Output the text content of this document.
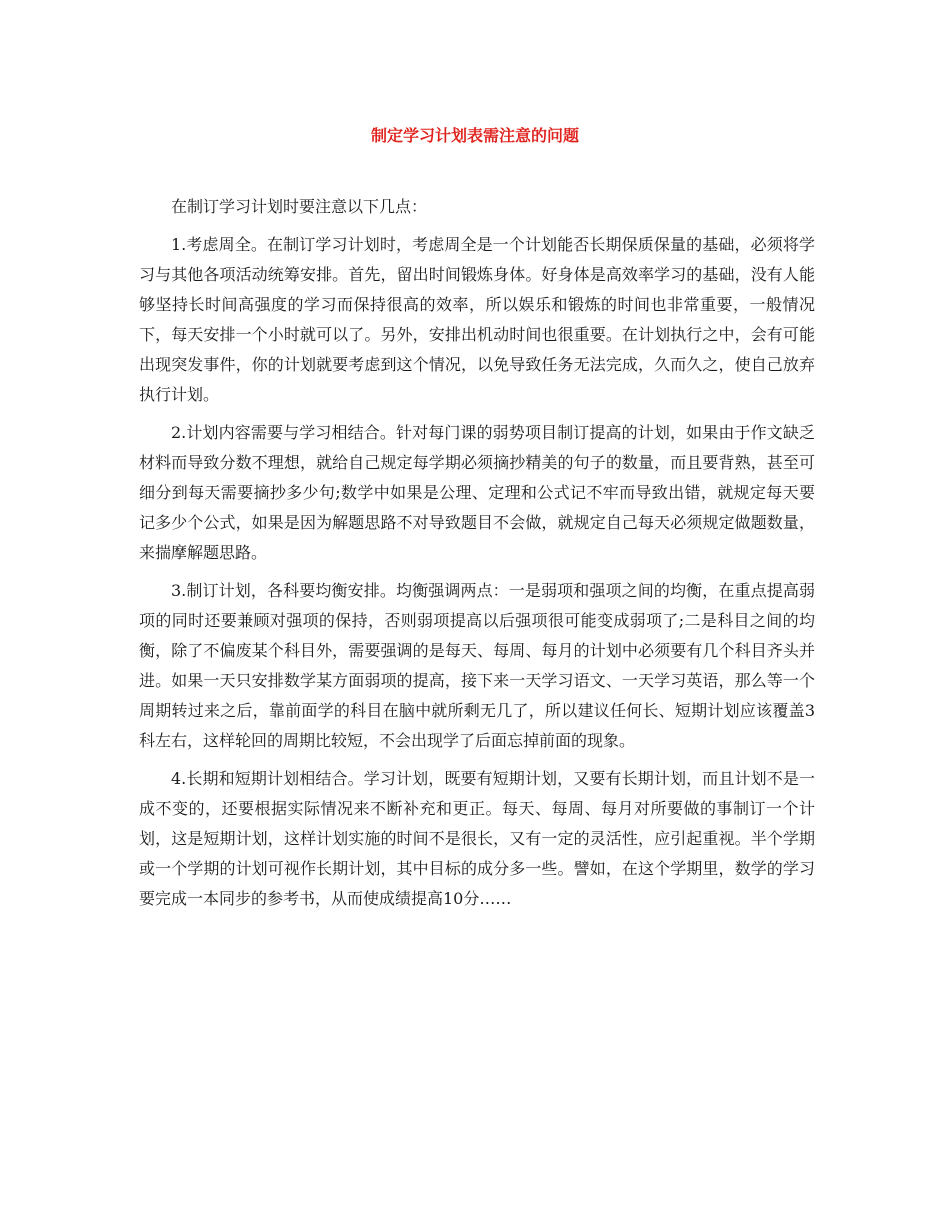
制定学习计划表需注意的问题

在制订学习计划时要注意以下几点：

1.考虑周全。在制订学习计划时，考虑周全是一个计划能否长期保质保量的基础，必须将学习与其他各项活动统筹安排。首先，留出时间锻炼身体。好身体是高效率学习的基础，没有人能够坚持长时间高强度的学习而保持很高的效率，所以娱乐和锻炼的时间也非常重要，一般情况下，每天安排一个小时就可以了。另外，安排出机动时间也很重要。在计划执行之中，会有可能出现突发事件，你的计划就要考虑到这个情况，以免导致任务无法完成，久而久之，使自己放弃执行计划。

2.计划内容需要与学习相结合。针对每门课的弱势项目制订提高的计划，如果由于作文缺乏材料而导致分数不理想，就给自己规定每学期必须摘抄精美的句子的数量，而且要背熟，甚至可细分到每天需要摘抄多少句;数学中如果是公理、定理和公式记不牢而导致出错，就规定每天要记多少个公式，如果是因为解题思路不对导致题目不会做，就规定自己每天必须规定做题数量，来揣摩解题思路。

3.制订计划，各科要均衡安排。均衡强调两点：一是弱项和强项之间的均衡，在重点提高弱项的同时还要兼顾对强项的保持，否则弱项提高以后强项很可能变成弱项了;二是科目之间的均衡，除了不偏废某个科目外，需要强调的是每天、每周、每月的计划中必须要有几个科目齐头并进。如果一天只安排数学某方面弱项的提高，接下来一天学习语文、一天学习英语，那么等一个周期转过来之后，靠前面学的科目在脑中就所剩无几了，所以建议任何长、短期计划应该覆盖3科左右，这样轮回的周期比较短，不会出现学了后面忘掉前面的现象。

4.长期和短期计划相结合。学习计划，既要有短期计划，又要有长期计划，而且计划不是一成不变的，还要根据实际情况来不断补充和更正。每天、每周、每月对所要做的事制订一个计划，这是短期计划，这样计划实施的时间不是很长，又有一定的灵活性，应引起重视。半个学期或一个学期的计划可视作长期计划，其中目标的成分多一些。譬如，在这个学期里，数学的学习要完成一本同步的参考书，从而使成绩提高10分……
